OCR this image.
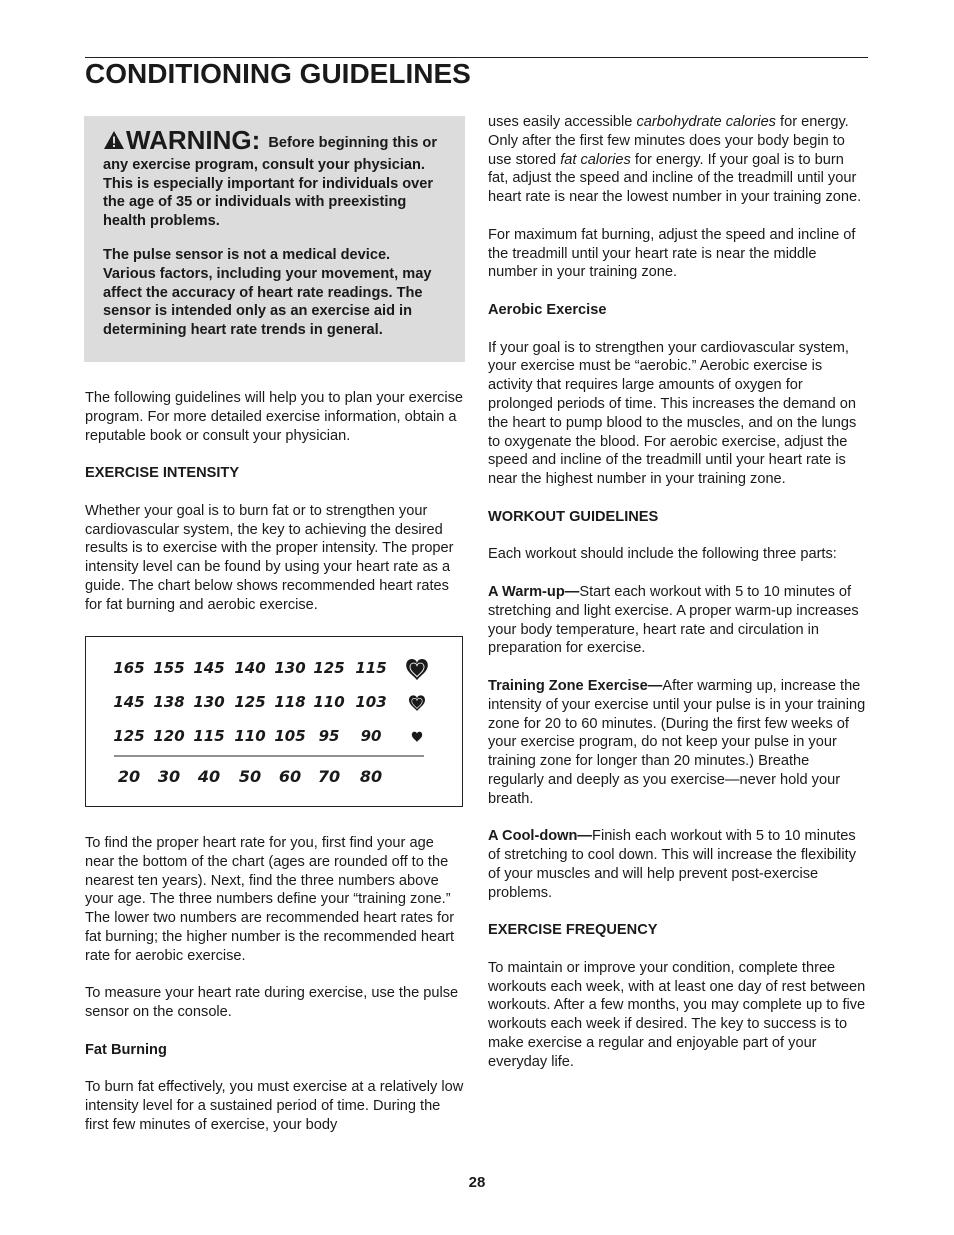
CONDITIONING GUIDELINES

WARNING: Before beginning this or any exercise program, consult your physician. This is especially important for individuals over the age of 35 or individuals with preexisting health problems.

The pulse sensor is not a medical device. Various factors, including your movement, may affect the accuracy of heart rate readings. The sensor is intended only as an exercise aid in determining heart rate trends in general.

The following guidelines will help you to plan your exercise program. For more detailed exercise information, obtain a reputable book or consult your physician.

EXERCISE INTENSITY

Whether your goal is to burn fat or to strengthen your cardiovascular system, the key to achieving the desired results is to exercise with the proper intensity. The proper intensity level can be found by using your heart rate as a guide. The chart below shows recommended heart rates for fat burning and aerobic exercise.

165 155 145 140 130 125 115
145 138 130 125 118 110 103
125 120 115 110 105 95 90
20 30 40 50 60 70 80

To find the proper heart rate for you, first find your age near the bottom of the chart (ages are rounded off to the nearest ten years). Next, find the three numbers above your age. The three numbers define your “training zone.” The lower two numbers are recommended heart rates for fat burning; the higher number is the recommended heart rate for aerobic exercise.

To measure your heart rate during exercise, use the pulse sensor on the console.

Fat Burning

To burn fat effectively, you must exercise at a relatively low intensity level for a sustained period of time. During the first few minutes of exercise, your body

uses easily accessible carbohydrate calories for energy. Only after the first few minutes does your body begin to use stored fat calories for energy. If your goal is to burn fat, adjust the speed and incline of the treadmill until your heart rate is near the lowest number in your training zone.

For maximum fat burning, adjust the speed and incline of the treadmill until your heart rate is near the middle number in your training zone.

Aerobic Exercise

If your goal is to strengthen your cardiovascular system, your exercise must be “aerobic.” Aerobic exercise is activity that requires large amounts of oxygen for prolonged periods of time. This increases the demand on the heart to pump blood to the muscles, and on the lungs to oxygenate the blood. For aerobic exercise, adjust the speed and incline of the treadmill until your heart rate is near the highest number in your training zone.

WORKOUT GUIDELINES

Each workout should include the following three parts:

A Warm-up—Start each workout with 5 to 10 minutes of stretching and light exercise. A proper warm-up increases your body temperature, heart rate and circulation in preparation for exercise.

Training Zone Exercise—After warming up, increase the intensity of your exercise until your pulse is in your training zone for 20 to 60 minutes. (During the first few weeks of your exercise program, do not keep your pulse in your training zone for longer than 20 minutes.) Breathe regularly and deeply as you exercise—never hold your breath.

A Cool-down—Finish each workout with 5 to 10 minutes of stretching to cool down. This will increase the flexibility of your muscles and will help prevent post-exercise problems.

EXERCISE FREQUENCY

To maintain or improve your condition, complete three workouts each week, with at least one day of rest between workouts. After a few months, you may complete up to five workouts each week if desired. The key to success is to make exercise a regular and enjoyable part of your everyday life.

28
